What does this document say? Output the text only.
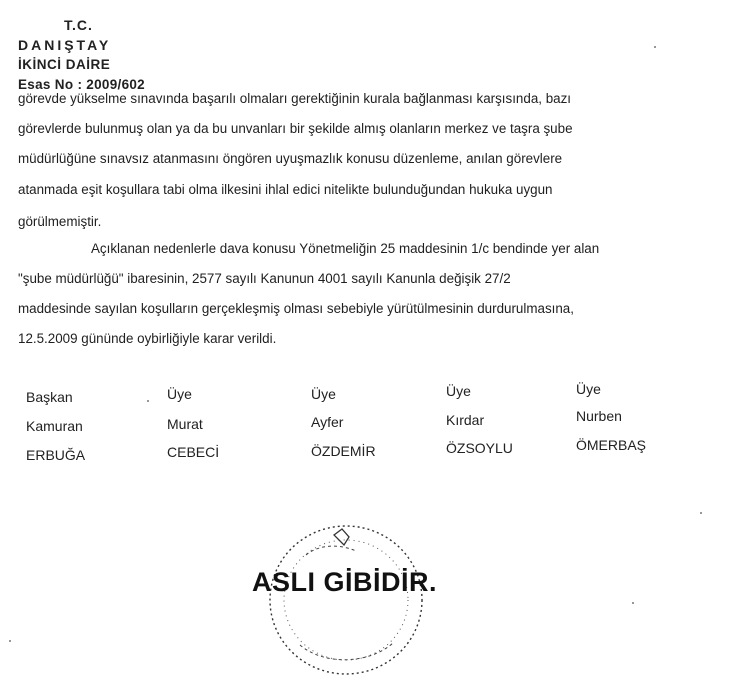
T.C.
DANIŞTAY
İKİNCİ DAİRE
Esas No : 2009/602
görevde yükselme sınavında başarılı olmaları gerektiğinin kurala bağlanması karşısında, bazı
görevlerde bulunmuş olan ya da bu unvanları bir şekilde almış olanların merkez ve taşra şube
müdürlüğüne sınavsız atanmasını öngören uyuşmazlık konusu düzenleme, anılan görevlere
atanmada eşit koşullara tabi olma ilkesini ihlal edici nitelikte bulunduğundan hukuka uygun
görülmemiştir.
Açıklanan nedenlerle dava konusu Yönetmeliğin 25 maddesinin 1/c bendinde yer alan
"şube müdürlüğü" ibaresinin, 2577 sayılı Kanunun 4001 sayılı Kanunla değişik 27/2
maddesinde sayılan koşulların gerçekleşmiş olması sebebiyle yürütülmesinin durdurulmasına,
12.5.2009 gününde oybirliğiyle karar verildi.
Başkan
Kamuran
ERBUĞA
Üye
Murat
CEBECİ
Üye
Ayfer
ÖZDEMİR
Üye
Kırdar
ÖZSOYLU
Üye
Nurben
ÖMERBAŞ
ASLI GİBİDİR.
